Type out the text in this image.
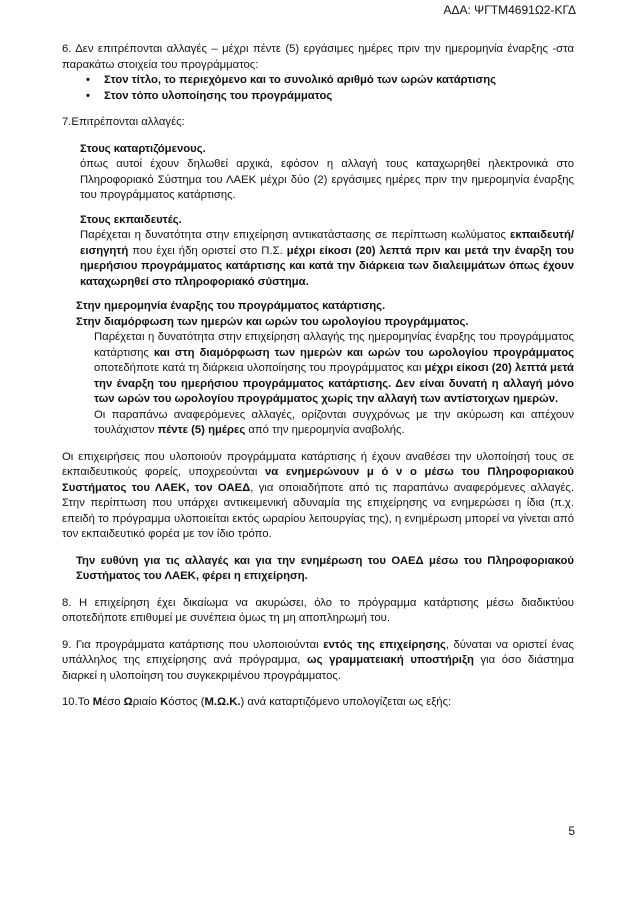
ΑΔΑ: ΨΓΤΜ4691Ω2-ΚΓΔ

6. Δεν επιτρέπονται αλλαγές – μέχρι πέντε (5) εργάσιμες ημέρες πριν την ημερομηνία έναρξης -στα παρακάτω στοιχεία του προγράμματος:

• Στον τίτλο, το περιεχόμενο και το συνολικό αριθμό των ωρών κατάρτισης
• Στον τόπο υλοποίησης του προγράμματος

7.Επιτρέπονται αλλαγές:

Στους καταρτιζόμενους.

όπως αυτοί έχουν δηλωθεί αρχικά, εφόσον η αλλαγή τους καταχωρηθεί ηλεκτρονικά στο Πληροφοριακό Σύστημα του ΛΑΕΚ μέχρι δύο (2) εργάσιμες ημέρες πριν την ημερομηνία έναρξης του προγράμματος κατάρτισης.

Στους εκπαιδευτές.

Παρέχεται η δυνατότητα στην επιχείρηση αντικατάστασης σε περίπτωση κωλύματος εκπαιδευτή/εισηγητή που έχει ήδη οριστεί στο Π.Σ. μέχρι είκοσι (20) λεπτά πριν και μετά την έναρξη του ημερήσιου προγράμματος κατάρτισης και κατά την διάρκεια των διαλειμμάτων όπως έχουν καταχωρηθεί στο πληροφοριακό σύστημα.

Στην ημερομηνία έναρξης του προγράμματος κατάρτισης.

Στην διαμόρφωση των ημερών και ωρών του ωρολογίου προγράμματος.

Παρέχεται η δυνατότητα στην επιχείρηση αλλαγής της ημερομηνίας έναρξης του προγράμματος κατάρτισης και στη διαμόρφωση των ημερών και ωρών του ωρολογίου προγράμματος οποτεδήποτε κατά τη διάρκεια υλοποίησης του προγράμματος και μέχρι είκοσι (20) λεπτά μετά την έναρξη του ημερήσιου προγράμματος κατάρτισης. Δεν είναι δυνατή η αλλαγή μόνο των ωρών του ωρολογίου προγράμματος χωρίς την αλλαγή των αντίστοιχων ημερών.

Οι παραπάνω αναφερόμενες αλλαγές, ορίζονται συγχρόνως με την ακύρωση και απέχουν τουλάχιστον πέντε (5) ημέρες από την ημερομηνία αναβολής.

Οι επιχειρήσεις που υλοποιούν προγράμματα κατάρτισης ή έχουν αναθέσει την υλοποίησή τους σε εκπαιδευτικούς φορείς, υποχρεούνται να ενημερώνουν μ ό ν ο μέσω του Πληροφοριακού Συστήματος του ΛΑΕΚ, τον ΟΑΕΔ, για οποιαδήποτε από τις παραπάνω αναφερόμενες αλλαγές. Στην περίπτωση που υπάρχει αντικειμενική αδυναμία της επιχείρησης να ενημερώσει η ίδια (π.χ. επειδή το πρόγραμμα υλοποιείται εκτός ωραρίου λειτουργίας της), η ενημέρωση μπορεί να γίνεται από τον εκπαιδευτικό φορέα με τον ίδιο τρόπο.

Την ευθύνη για τις αλλαγές και για την ενημέρωση του ΟΑΕΔ μέσω του Πληροφοριακού Συστήματος του ΛΑΕΚ, φέρει η επιχείρηση.

8. Η επιχείρηση έχει δικαίωμα να ακυρώσει, όλο το πρόγραμμα κατάρτισης μέσω διαδικτύου οποτεδήποτε επιθυμεί με συνέπεια όμως τη μη αποπληρωμή του.

9. Για προγράμματα κατάρτισης που υλοποιούνται εντός της επιχείρησης, δύναται να οριστεί ένας υπάλληλος της επιχείρησης ανά πρόγραμμα, ως γραμματειακή υποστήριξη για όσο διάστημα διαρκεί η υλοποίηση του συγκεκριμένου προγράμματος.

10.Το Μέσο Ωριαίο Κόστος (Μ.Ω.Κ.) ανά καταρτιζόμενο υπολογίζεται ως εξής:

5
